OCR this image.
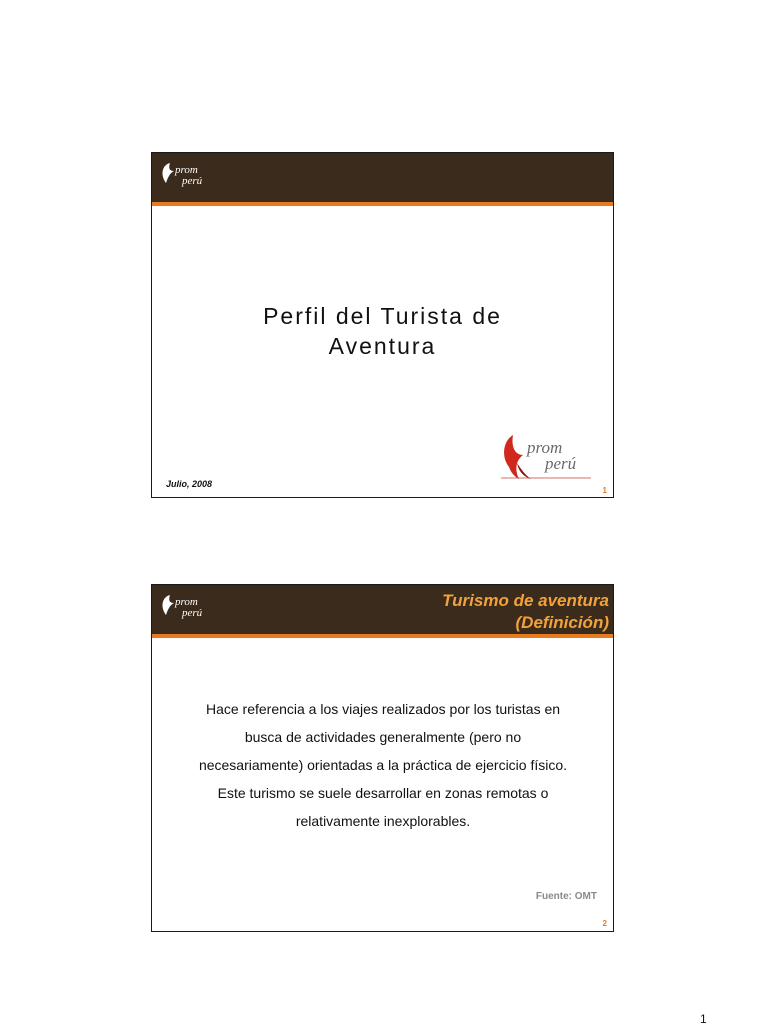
prom
perú
Perfil del Turista de
Aventura
prom
perú
Julio, 2008
1
prom
perú
Turismo de aventura
(Definición)
Hace referencia a los viajes realizados por los turistas en
busca de actividades generalmente (pero no
necesariamente) orientadas a la práctica de ejercicio físico.
Este turismo se suele desarrollar en zonas remotas o
relativamente inexplorables.
Fuente: OMT
2
1
